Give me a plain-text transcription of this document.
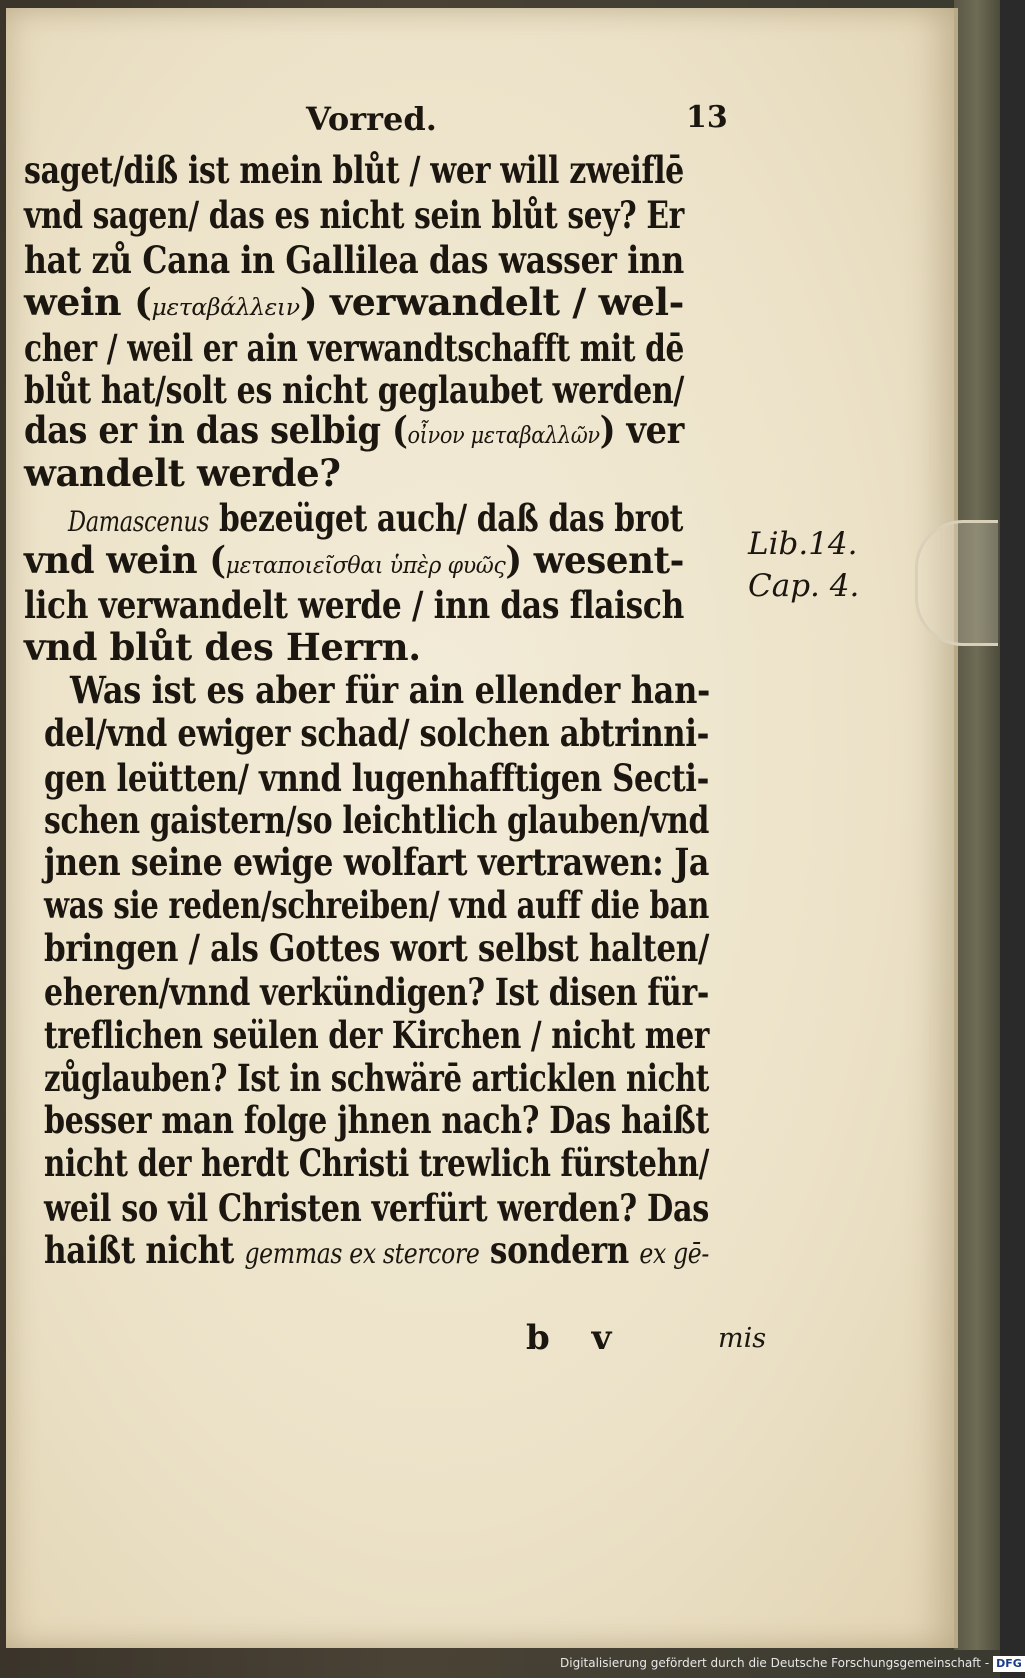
Vorred.	13
saget/diß ist mein blůt / wer will zweiflē
vnd sagen/ das es nicht sein blůt sey? Er
hat zů Cana in Gallilea das wasser inn
wein (μεταβάλλειν) verwandelt / wel-
cher / weil er ain verwandtschafft mit dē
blůt hat/solt es nicht geglaubet werden/
das er in das selbig (οἶνον μεταβαλλῶν) ver
wandelt werde?
Damascenus bezeüget auch/ daß das brot
vnd wein (μεταποιεῖσθαι ὑπὲρ φυῶς) wesent-
lich verwandelt werde / inn das flaisch
vnd blůt des Herrn.
Was ist es aber für ain ellender han-
del/vnd ewiger schad/ solchen abtrinni-
gen leütten/ vnnd lugenhafftigen Secti-
schen gaistern/so leichtlich glauben/vnd
jnen seine ewige wolfart vertrawen: Ja
was sie reden/schreiben/ vnd auff die ban
bringen / als Gottes wort selbst halten/
eheren/vnnd verkündigen? Ist disen für-
treflichen seülen der Kirchen / nicht mer
zůglauben? Ist in schwärē articklen nicht
besser man folge jhnen nach? Das haißt
nicht der herdt Christi trewlich fürstehn/
weil so vil Christen verfürt werden? Das
haißt nicht gemmas ex stercore sondern ex gē-
Lib.14.
Cap. 4.
b v	mis
Digitalisierung gefördert durch die Deutsche Forschungsgemeinschaft - DFG
